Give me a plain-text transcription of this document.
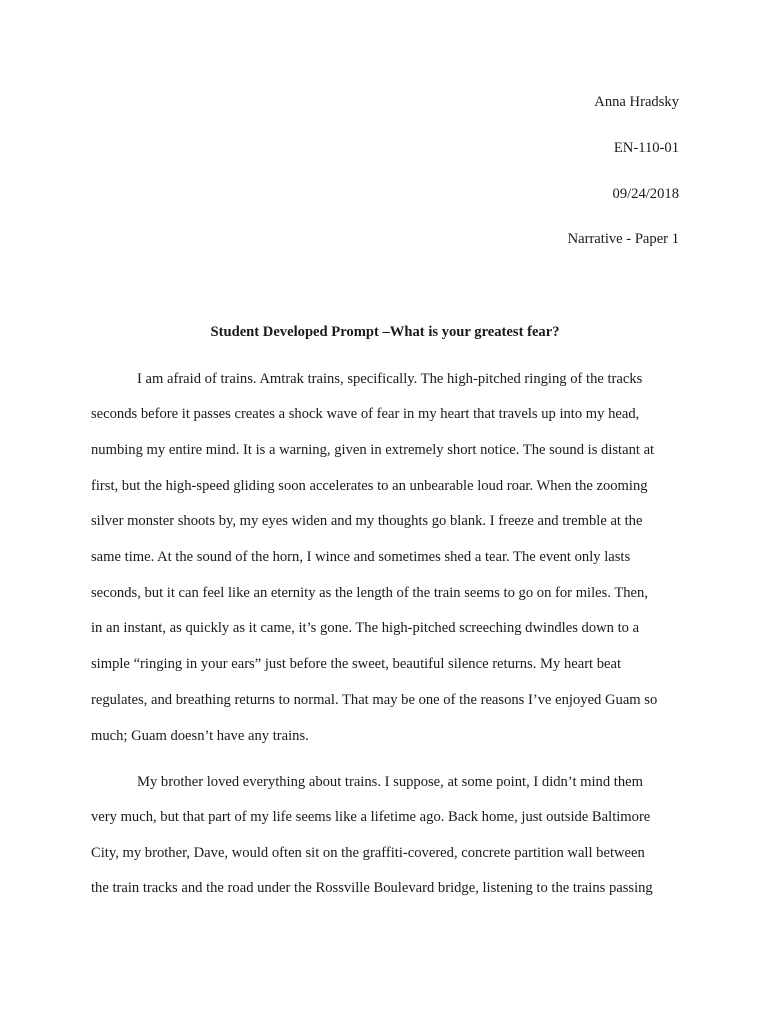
Anna Hradsky
EN-110-01
09/24/2018
Narrative - Paper 1
Student Developed Prompt –What is your greatest fear?
I am afraid of trains. Amtrak trains, specifically. The high-pitched ringing of the tracks
seconds before it passes creates a shock wave of fear in my heart that travels up into my head,
numbing my entire mind. It is a warning, given in extremely short notice. The sound is distant at
first, but the high-speed gliding soon accelerates to an unbearable loud roar. When the zooming
silver monster shoots by, my eyes widen and my thoughts go blank. I freeze and tremble at the
same time. At the sound of the horn, I wince and sometimes shed a tear. The event only lasts
seconds, but it can feel like an eternity as the length of the train seems to go on for miles. Then,
in an instant, as quickly as it came, it’s gone. The high-pitched screeching dwindles down to a
simple “ringing in your ears” just before the sweet, beautiful silence returns. My heart beat
regulates, and breathing returns to normal. That may be one of the reasons I’ve enjoyed Guam so
much; Guam doesn’t have any trains.
My brother loved everything about trains. I suppose, at some point, I didn’t mind them
very much, but that part of my life seems like a lifetime ago. Back home, just outside Baltimore
City, my brother, Dave, would often sit on the graffiti-covered, concrete partition wall between
the train tracks and the road under the Rossville Boulevard bridge, listening to the trains passing
